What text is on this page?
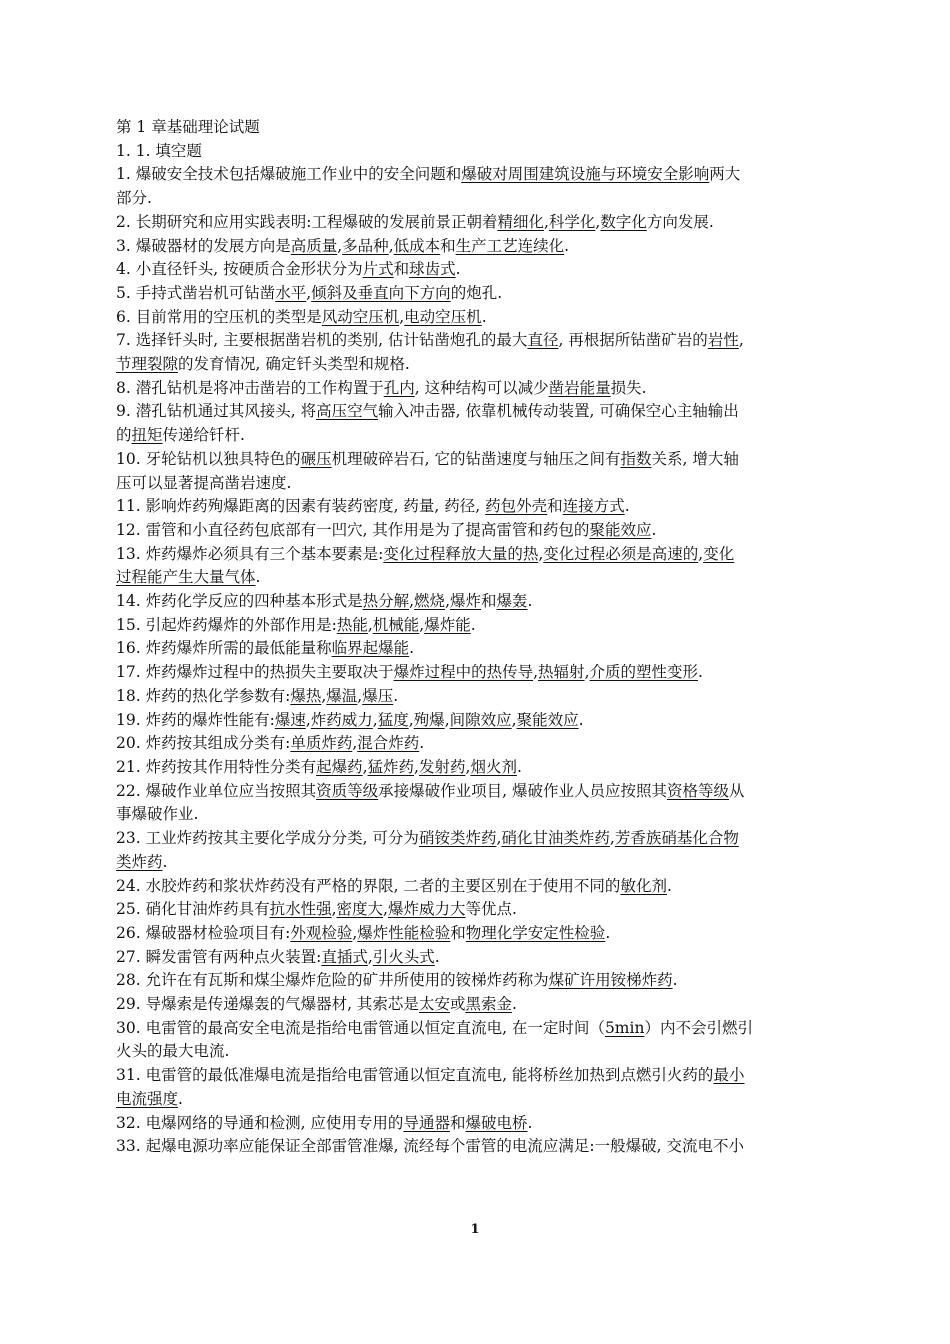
第 1 章基础理论试题
1. 1. 填空题
1. 爆破安全技术包括爆破施工作业中的安全问题和爆破对周围建筑设施与环境安全影响两大
部分.
2. 长期研究和应用实践表明:工程爆破的发展前景正朝着精细化,科学化,数字化方向发展.
3. 爆破器材的发展方向是高质量,多品种,低成本和生产工艺连续化.
4. 小直径钎头, 按硬质合金形状分为片式和球齿式.
5. 手持式凿岩机可钻凿水平,倾斜及垂直向下方向的炮孔.
6. 目前常用的空压机的类型是风动空压机,电动空压机.
7. 选择钎头时, 主要根据凿岩机的类别, 估计钻凿炮孔的最大直径, 再根据所钻凿矿岩的岩性,
节理裂隙的发育情况, 确定钎头类型和规格.
8. 潜孔钻机是将冲击凿岩的工作构置于孔内, 这种结构可以减少凿岩能量损失.
9. 潜孔钻机通过其风接头, 将高压空气输入冲击器, 依靠机械传动装置, 可确保空心主轴输出
的扭矩传递给钎杆.
10. 牙轮钻机以独具特色的碾压机理破碎岩石, 它的钻凿速度与轴压之间有指数关系, 增大轴
压可以显著提高凿岩速度.
11. 影响炸药殉爆距离的因素有装药密度, 药量, 药径, 药包外壳和连接方式.
12. 雷管和小直径药包底部有一凹穴, 其作用是为了提高雷管和药包的聚能效应.
13. 炸药爆炸必须具有三个基本要素是:变化过程释放大量的热,变化过程必须是高速的,变化
过程能产生大量气体.
14. 炸药化学反应的四种基本形式是热分解,燃烧,爆炸和爆轰.
15. 引起炸药爆炸的外部作用是:热能,机械能,爆炸能.
16. 炸药爆炸所需的最低能量称临界起爆能.
17. 炸药爆炸过程中的热损失主要取决于爆炸过程中的热传导,热辐射,介质的塑性变形.
18. 炸药的热化学参数有:爆热,爆温,爆压.
19. 炸药的爆炸性能有:爆速,炸药威力,猛度,殉爆,间隙效应,聚能效应.
20. 炸药按其组成分类有:单质炸药,混合炸药.
21. 炸药按其作用特性分类有起爆药,猛炸药,发射药,烟火剂.
22. 爆破作业单位应当按照其资质等级承接爆破作业项目, 爆破作业人员应按照其资格等级从
事爆破作业.
23. 工业炸药按其主要化学成分分类, 可分为硝铵类炸药,硝化甘油类炸药,芳香族硝基化合物
类炸药.
24. 水胶炸药和浆状炸药没有严格的界限, 二者的主要区别在于使用不同的敏化剂.
25. 硝化甘油炸药具有抗水性强,密度大,爆炸威力大等优点.
26. 爆破器材检验项目有:外观检验,爆炸性能检验和物理化学安定性检验.
27. 瞬发雷管有两种点火装置:直插式,引火头式.
28. 允许在有瓦斯和煤尘爆炸危险的矿井所使用的铵梯炸药称为煤矿许用铵梯炸药.
29. 导爆索是传递爆轰的气爆器材, 其索芯是太安或黑索金.
30. 电雷管的最高安全电流是指给电雷管通以恒定直流电, 在一定时间（5min）内不会引燃引
火头的最大电流.
31. 电雷管的最低准爆电流是指给电雷管通以恒定直流电, 能将桥丝加热到点燃引火药的最小
电流强度.
32. 电爆网络的导通和检测, 应使用专用的导通器和爆破电桥.
33. 起爆电源功率应能保证全部雷管准爆, 流经每个雷管的电流应满足:一般爆破, 交流电不小
1
